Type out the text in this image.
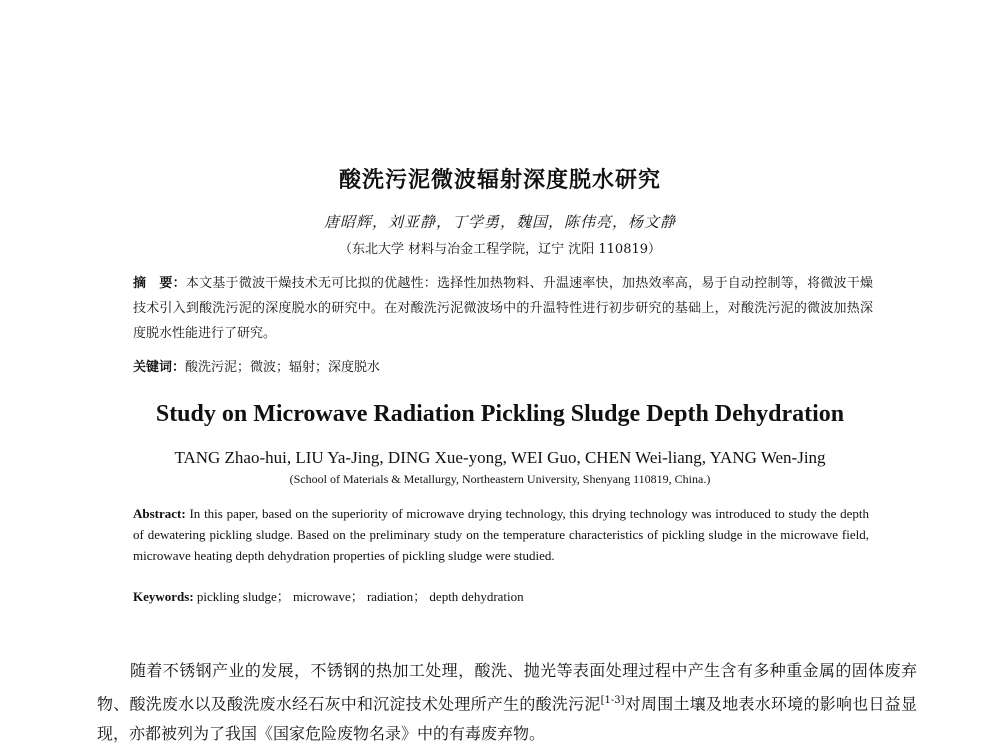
酸洗污泥微波辐射深度脱水研究
唐昭辉，刘亚静，丁学勇，魏国，陈伟亮，杨文静
（东北大学 材料与冶金工程学院，辽宁 沈阳 110819）
摘　要：本文基于微波干燥技术无可比拟的优越性：选择性加热物料、升温速率快，加热效率高，易于自动控制等，将微波干燥技术引入到酸洗污泥的深度脱水的研究中。在对酸洗污泥微波场中的升温特性进行初步研究的基础上，对酸洗污泥的微波加热深度脱水性能进行了研究。
关键词：酸洗污泥；微波；辐射；深度脱水
Study on Microwave Radiation Pickling Sludge Depth Dehydration
TANG Zhao-hui, LIU Ya-Jing, DING Xue-yong, WEI Guo, CHEN Wei-liang, YANG Wen-Jing
(School of Materials & Metallurgy, Northeastern University, Shenyang 110819, China.)
Abstract: In this paper, based on the superiority of microwave drying technology, this drying technology was introduced to study the depth of dewatering pickling sludge. Based on the preliminary study on the temperature characteristics of pickling sludge in the microwave field, microwave heating depth dehydration properties of pickling sludge were studied.
Keywords: pickling sludge； microwave； radiation； depth dehydration
随着不锈钢产业的发展，不锈钢的热加工处理，酸洗、抛光等表面处理过程中产生含有多种重金属的固体废弃物、酸洗废水以及酸洗废水经石灰中和沉淀技术处理所产生的酸洗污泥[1-3]对周围土壤及地表水环境的影响也日益显现，亦都被列为了我国《国家危险废物名录》中的有毒废弃物。
